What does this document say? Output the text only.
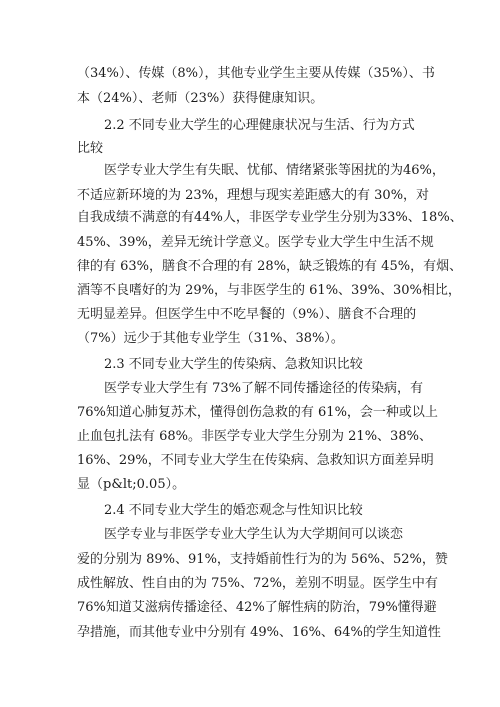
（34%）、传媒（8%），其他专业学生主要从传媒（35%）、书
本（24%）、老师（23%）获得健康知识。
2.2 不同专业大学生的心理健康状况与生活、行为方式
比较
医学专业大学生有失眠、忧郁、情绪紧张等困扰的为46%，
不适应新环境的为 23%，理想与现实差距感大的有 30%，对
自我成绩不满意的有44%人，非医学专业学生分别为33%、18%、
45%、39%，差异无统计学意义。医学专业大学生中生活不规
律的有 63%，膳食不合理的有 28%，缺乏锻炼的有 45%，有烟、
酒等不良嗜好的为 29%，与非医学生的 61%、39%、30%相比，
无明显差异。但医学生中不吃早餐的（9%）、膳食不合理的
（7%）远少于其他专业学生（31%、38%）。
2.3 不同专业大学生的传染病、急救知识比较
医学专业大学生有 73%了解不同传播途径的传染病，有
76%知道心肺复苏术，懂得创伤急救的有 61%，会一种或以上
止血包扎法有 68%。非医学专业大学生分别为 21%、38%、
16%、29%，不同专业大学生在传染病、急救知识方面差异明
显（p&lt;0.05）。
2.4 不同专业大学生的婚恋观念与性知识比较
医学专业与非医学专业大学生认为大学期间可以谈恋
爱的分别为 89%、91%，支持婚前性行为的为 56%、52%，赞
成性解放、性自由的为 75%、72%，差别不明显。医学生中有
76%知道艾滋病传播途径、42%了解性病的防治，79%懂得避
孕措施，而其他专业中分别有 49%、16%、64%的学生知道性
